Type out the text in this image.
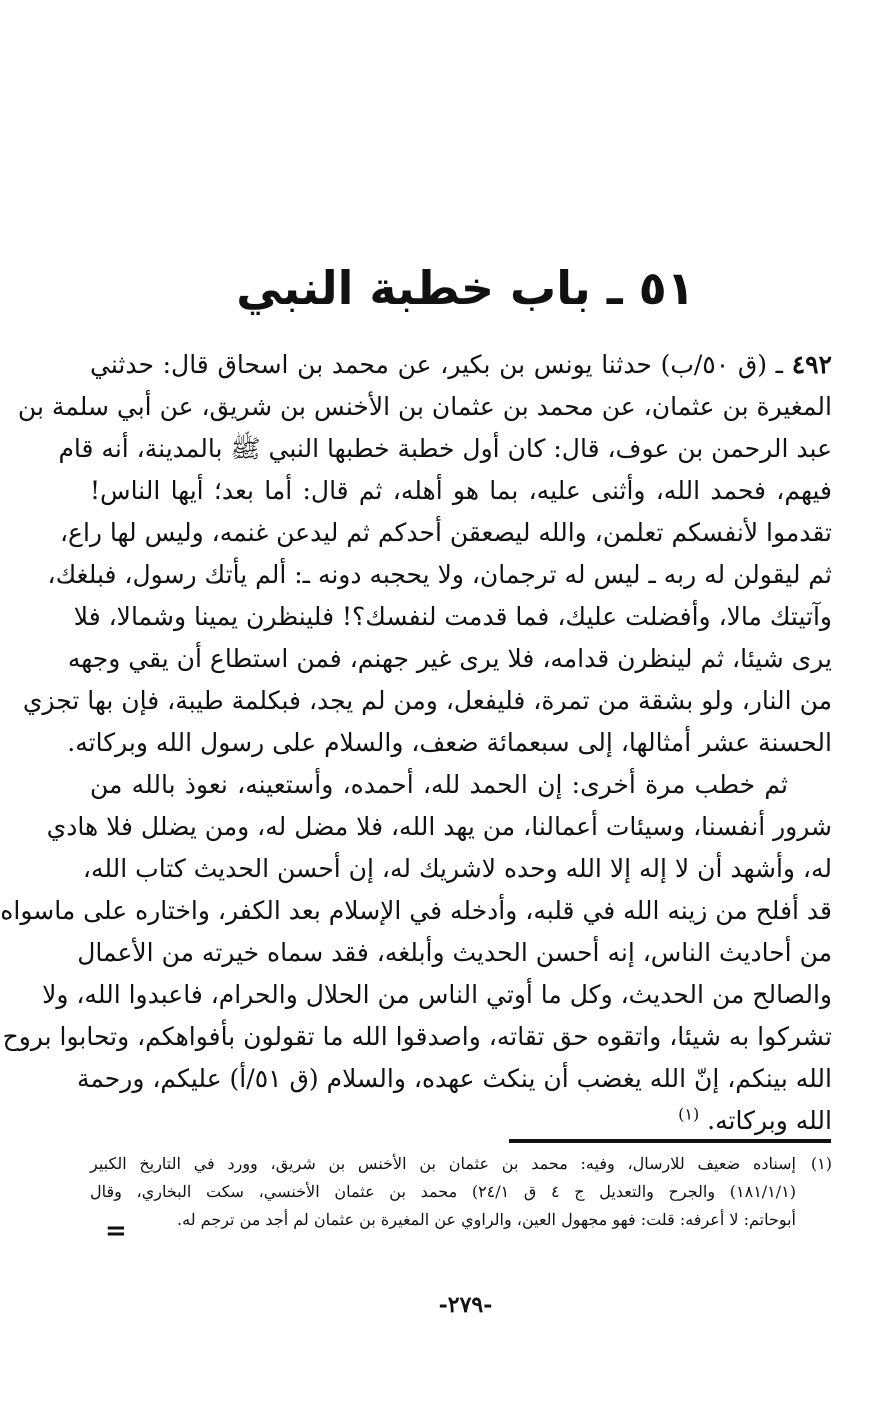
٥١ ـ باب خطبة النبي
٤٩٢ ـ (ق ٥٠/ب) حدثنا يونس بن بكير، عن محمد بن اسحاق قال: حدثني
المغيرة بن عثمان، عن محمد بن عثمان بن الأخنس بن شريق، عن أبي سلمة بن
عبد الرحمن بن عوف، قال: كان أول خطبة خطبها النبي ﷺ بالمدينة، أنه قام
فيهم، فحمد الله، وأثنى عليه، بما هو أهله، ثم قال: أما بعد؛ أيها الناس!
تقدموا لأنفسكم تعلمن، والله ليصعقن أحدكم ثم ليدعن غنمه، وليس لها راع،
ثم ليقولن له ربه ـ ليس له ترجمان، ولا يحجبه دونه ـ: ألم يأتك رسول، فبلغك،
وآتيتك مالا، وأفضلت عليك، فما قدمت لنفسك؟! فلينظرن يمينا وشمالا، فلا
يرى شيئا، ثم لينظرن قدامه، فلا يرى غير جهنم، فمن استطاع أن يقي وجهه
من النار، ولو بشقة من تمرة، فليفعل، ومن لم يجد، فبكلمة طيبة، فإن بها تجزي
الحسنة عشر أمثالها، إلى سبعمائة ضعف، والسلام على رسول الله وبركاته.
ثم خطب مرة أخرى: إن الحمد لله، أحمده، وأستعينه، نعوذ بالله من
شرور أنفسنا، وسيئات أعمالنا، من يهد الله، فلا مضل له، ومن يضلل فلا هادي
له، وأشهد أن لا إله إلا الله وحده لاشريك له، إن أحسن الحديث كتاب الله،
قد أفلح من زينه الله في قلبه، وأدخله في الإسلام بعد الكفر، واختاره على ماسواه
من أحاديث الناس، إنه أحسن الحديث وأبلغه، فقد سماه خيرته من الأعمال
والصالح من الحديث، وكل ما أوتي الناس من الحلال والحرام، فاعبدوا الله، ولا
تشركوا به شيئا، واتقوه حق تقاته، واصدقوا الله ما تقولون بأفواهكم، وتحابوا بروح
الله بينكم، إنّ الله يغضب أن ينكث عهده، والسلام (ق ٥١/أ) عليكم، ورحمة
الله وبركاته. $^{(١)}$
(١)إسناده ضعيف للارسال، وفيه: محمد بن عثمان بن الأخنس بن شريق، وورد في التاريخ الكبير
(١٨١/١/١) والجرح والتعديل ج ٤ ق ٢٤/١) محمد بن عثمان الأخنسي، سكت البخاري، وقال
أبوحاتم: لا أعرفه: قلت: فهو مجهول العين، والراوي عن المغيرة بن عثمان لم أجد من ترجم له.
=
-٢٧٩-
